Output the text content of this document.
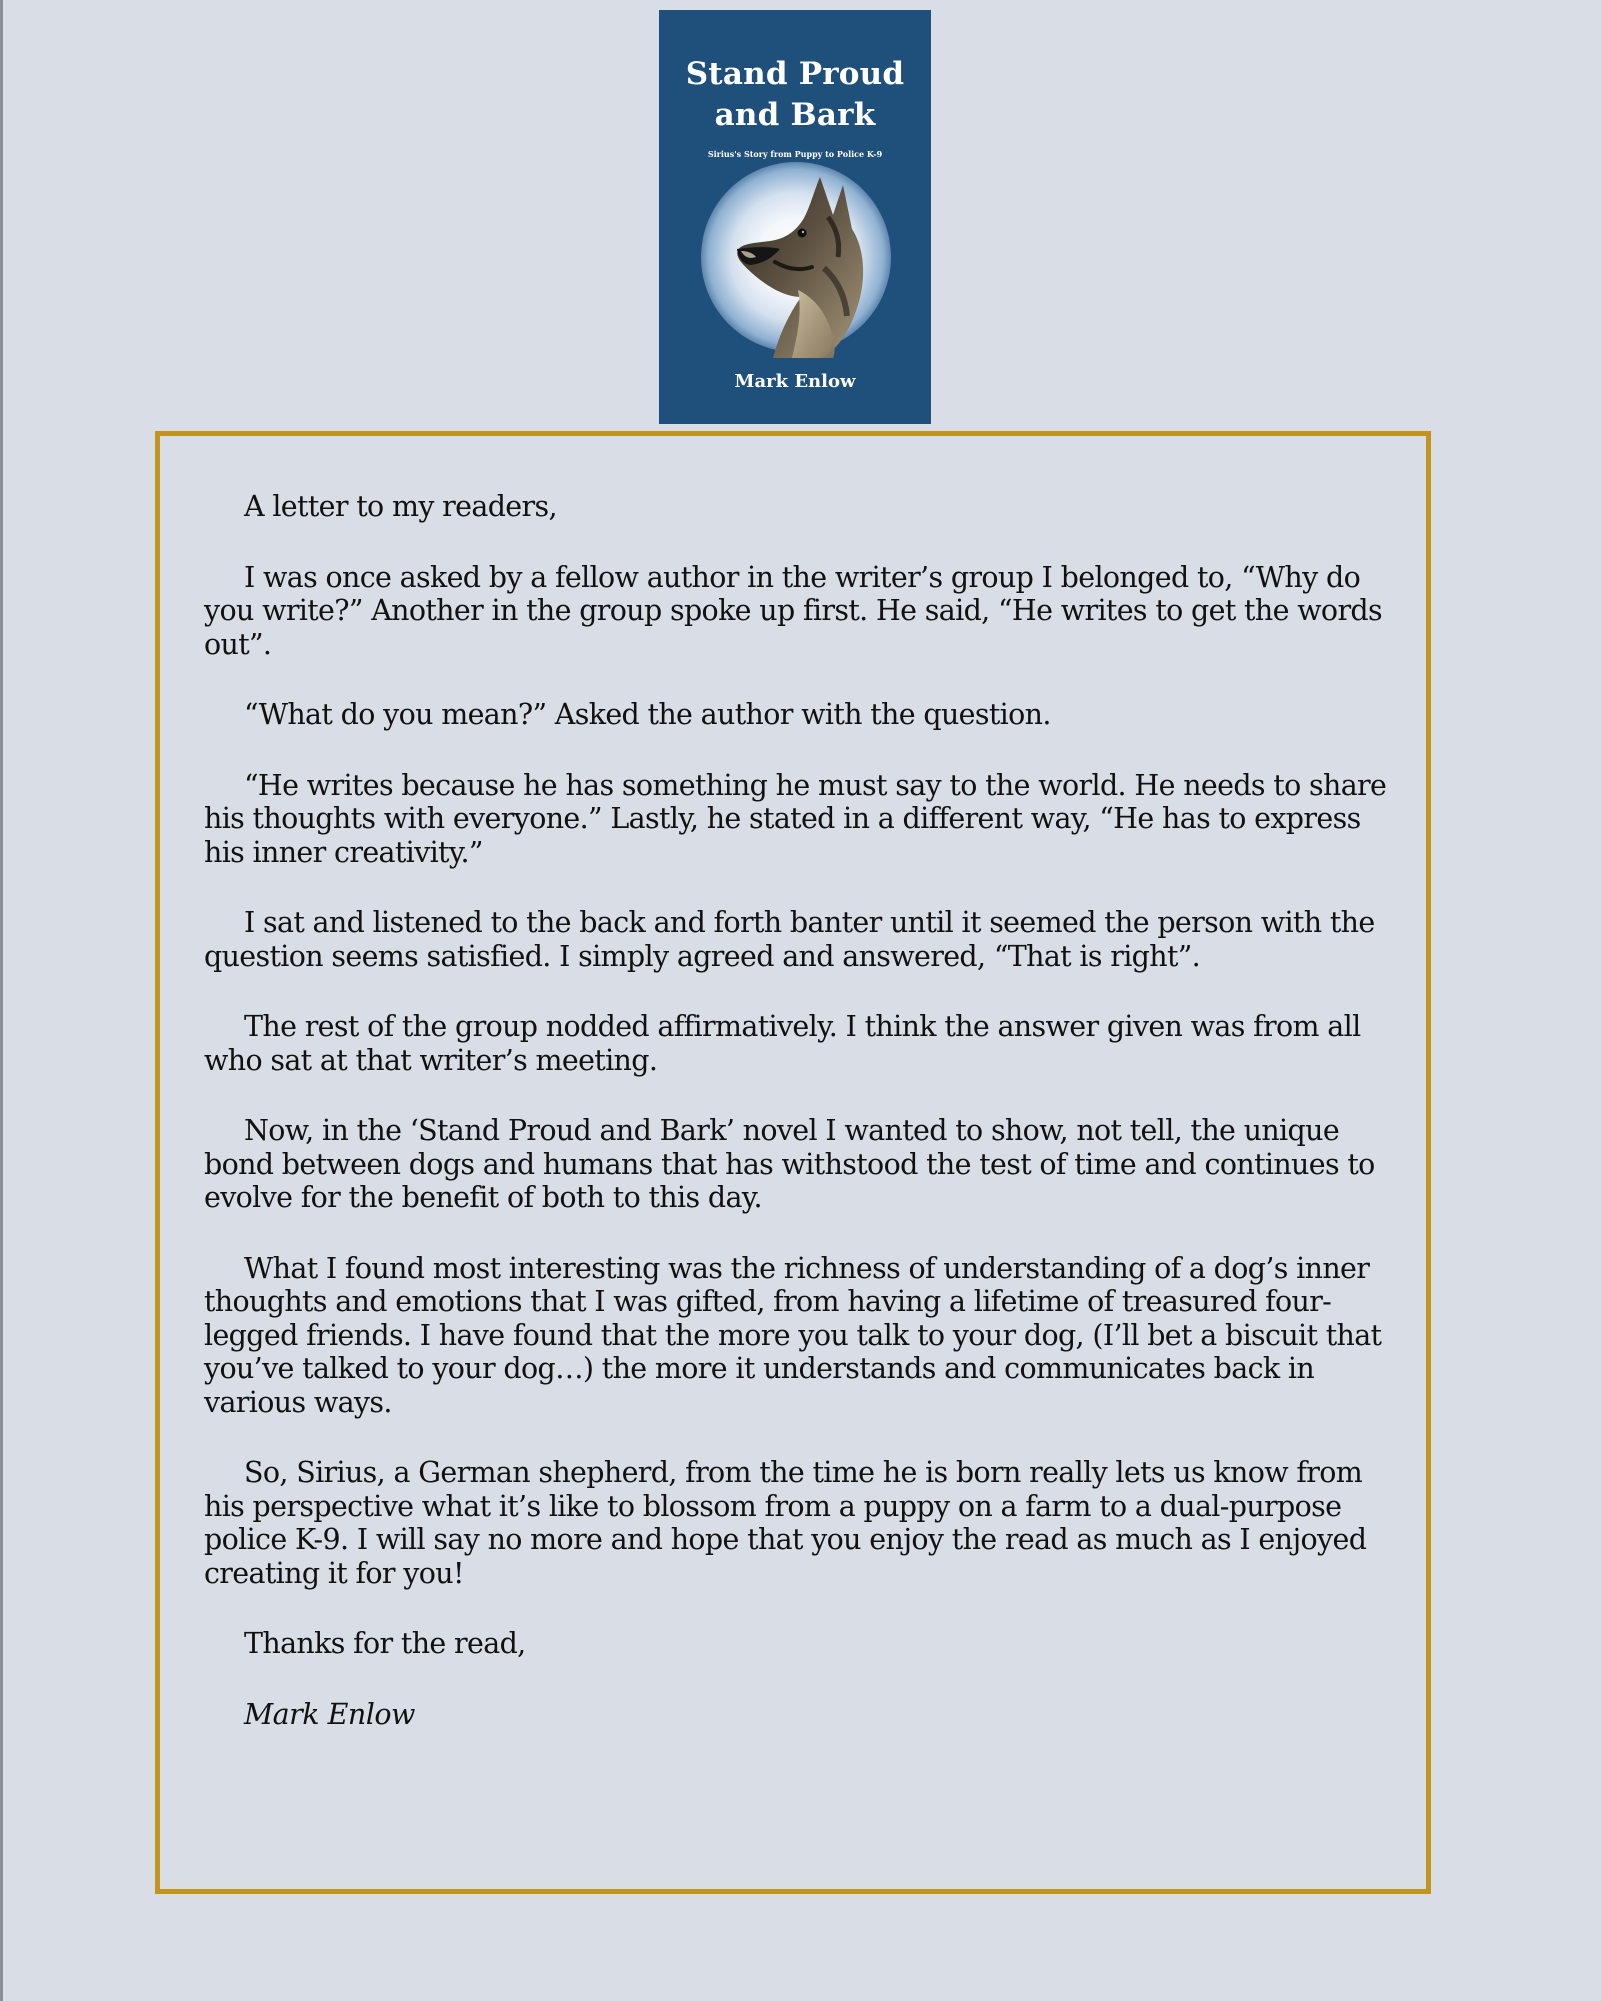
Stand Proud
and Bark
Sirius's Story from Puppy to Police K-9
Mark Enlow

A letter to my readers,

I was once asked by a fellow author in the writer’s group I belonged to, “Why do you write?” Another in the group spoke up first. He said, “He writes to get the words out”.

“What do you mean?” Asked the author with the question.

“He writes because he has something he must say to the world. He needs to share his thoughts with everyone.” Lastly, he stated in a different way, “He has to express his inner creativity.”

I sat and listened to the back and forth banter until it seemed the person with the question seems satisfied. I simply agreed and answered, “That is right”.

The rest of the group nodded affirmatively. I think the answer given was from all who sat at that writer’s meeting.

Now, in the ‘Stand Proud and Bark’ novel I wanted to show, not tell, the unique bond between dogs and humans that has withstood the test of time and continues to evolve for the benefit of both to this day.

What I found most interesting was the richness of understanding of a dog’s inner thoughts and emotions that I was gifted, from having a lifetime of treasured four-legged friends. I have found that the more you talk to your dog, (I’ll bet a biscuit that you’ve talked to your dog…) the more it understands and communicates back in various ways.

So, Sirius, a German shepherd, from the time he is born really lets us know from his perspective what it’s like to blossom from a puppy on a farm to a dual-purpose police K-9. I will say no more and hope that you enjoy the read as much as I enjoyed creating it for you!

Thanks for the read,

Mark Enlow
